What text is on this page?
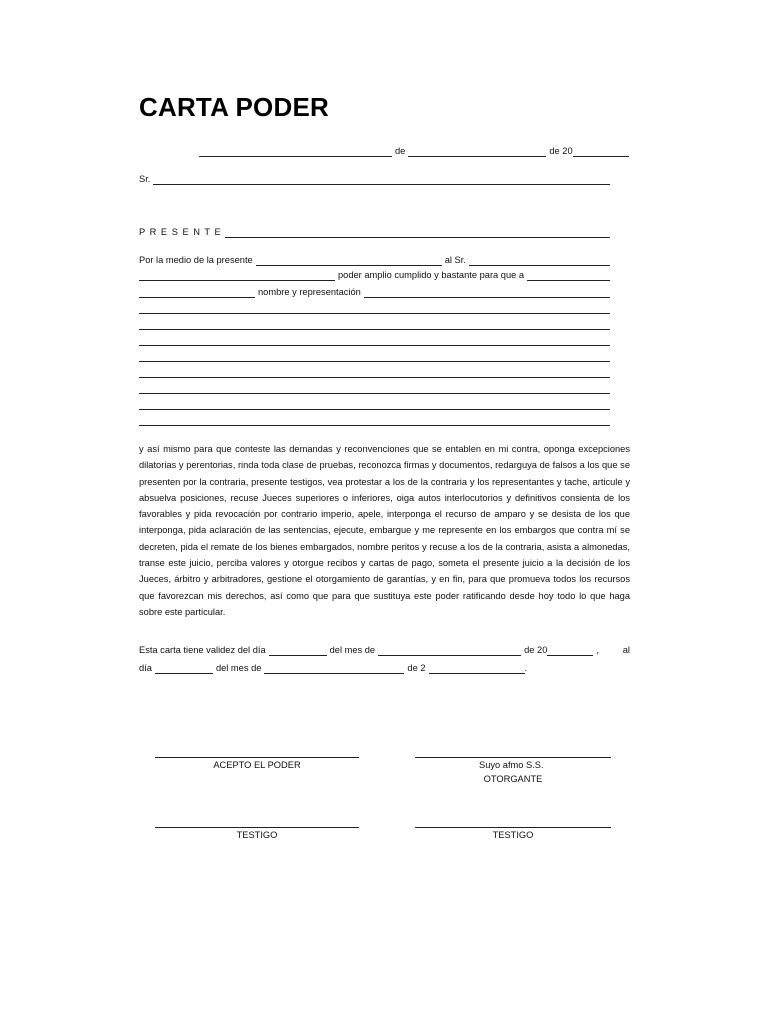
CARTA PODER
de	de 20
Sr.
P R E S E N T E
Por la medio de la presente	al Sr.
poder amplio cumplido y bastante para que a
nombre y representación
y así mismo para que conteste las demandas y reconvenciones que se entablen en mi contra, oponga excepciones dilatorias y perentorias, rinda toda clase de pruebas, reconozca firmas y documentos, redarguya de falsos a los que se presenten por la contraria, presente testigos, vea protestar a los de la contraria y los representantes y tache, articule y absuelva posiciones, recuse Jueces superiores o inferiores, oiga autos interlocutorios y definitivos consienta de los favorables y pida revocación por contrario imperio, apele, interponga el recurso de amparo y se desista de los que interponga, pida aclaración de las sentencias, ejecute, embargue y me represente en los embargos que contra mí se decreten, pida el remate de los bienes embargados, nombre peritos y recuse a los de la contraria, asista a almonedas, transe este juicio, perciba valores y otorgue recibos y cartas de pago, someta el presente juicio a la decisión de los Jueces, árbitro y arbitradores, gestione el otorgamiento de garantías, y en fin, para que promueva todos los recursos que favorezcan mis derechos, así como que para que sustituya este poder ratificando desde hoy todo lo que haga sobre este particular.
Esta carta tiene validez del día	del mes de	de 20	,	al
día	del mes de	de 2	.
ACEPTO EL PODER	Suyo afmo S.S.
OTORGANTE
TESTIGO	TESTIGO
